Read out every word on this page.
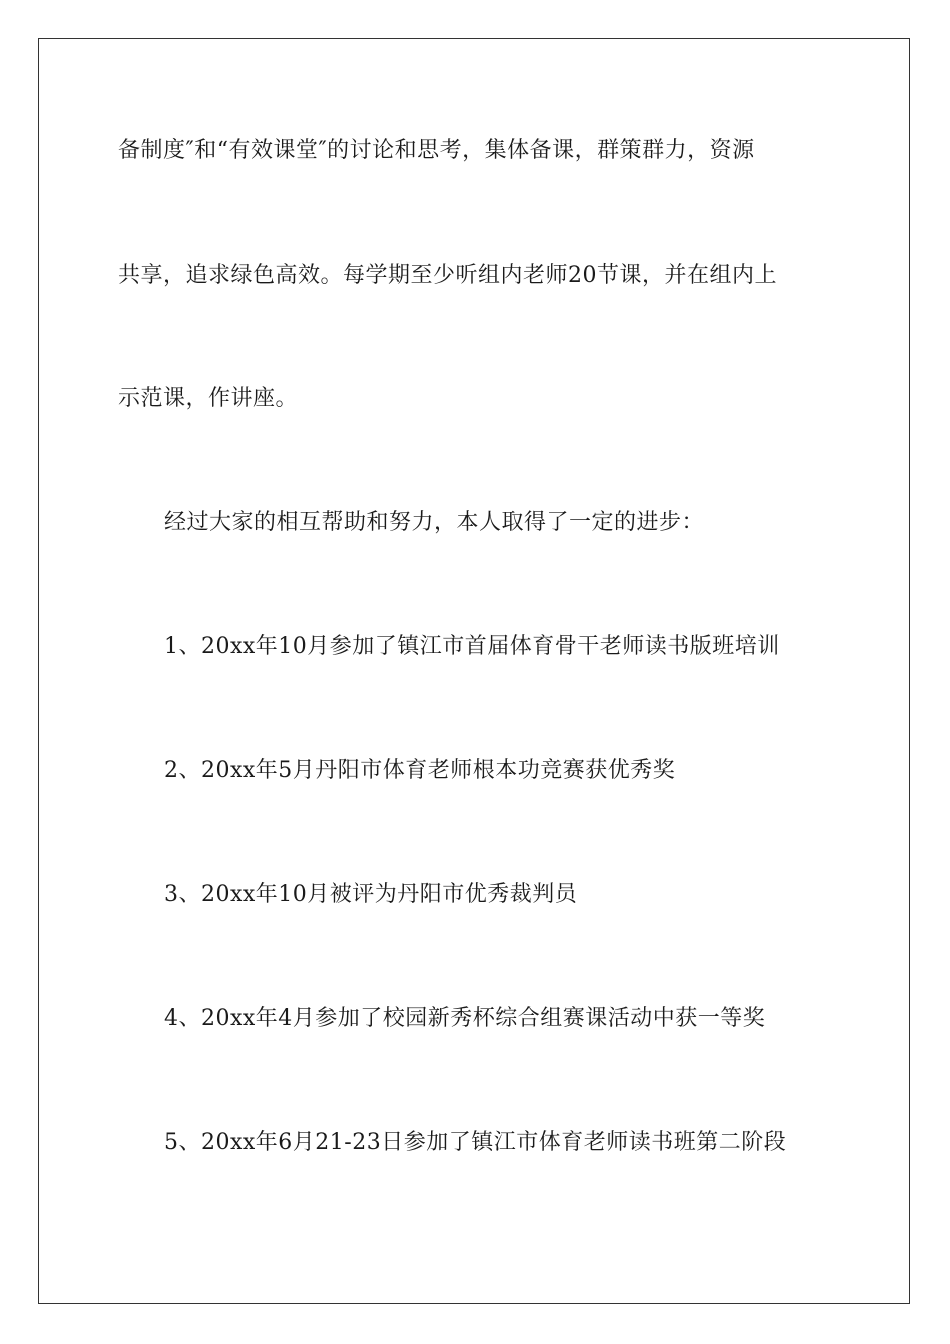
备制度″和“有效课堂″的讨论和思考，集体备课，群策群力，资源
共享，追求绿色高效。每学期至少听组内老师20节课，并在组内上
示范课，作讲座。
经过大家的相互帮助和努力，本人取得了一定的进步：
1、20xx年10月参加了镇江市首届体育骨干老师读书版班培训
2、20xx年5月丹阳市体育老师根本功竞赛获优秀奖
3、20xx年10月被评为丹阳市优秀裁判员
4、20xx年4月参加了校园新秀杯综合组赛课活动中获一等奖
5、20xx年6月21-23日参加了镇江市体育老师读书班第二阶段
